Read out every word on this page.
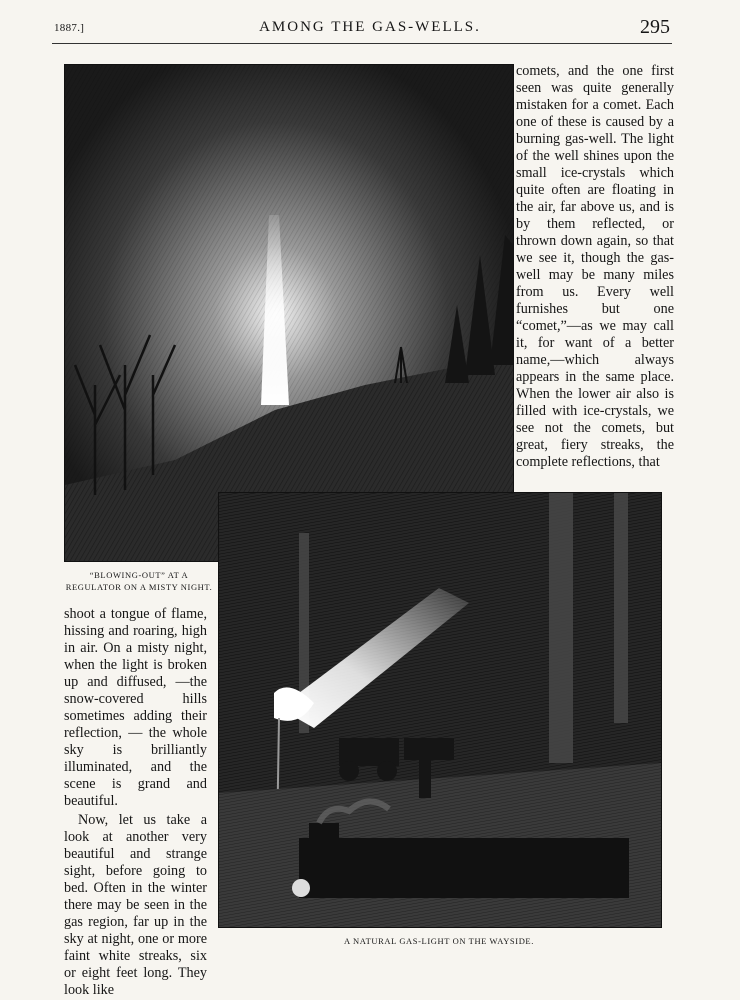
1887.]	AMONG THE GAS-WELLS.	295
“BLOWING-OUT” AT A REGULATOR ON A MISTY NIGHT.
A NATURAL GAS-LIGHT ON THE WAYSIDE.

comets, and the one first seen was quite generally mistaken for a comet. Each one of these is caused by a burning gas-well. The light of the well shines upon the small ice-crystals which quite often are floating in the air, far above us, and is by them reflected, or thrown down again, so that we see it, though the gas-well may be many miles from us. Every well furnishes but one “comet,”—as we may call it, for want of a better name,—which always appears in the same place. When the lower air also is filled with ice-crystals, we see not the comets, but great, fiery streaks, the complete reflections, that

shoot a tongue of flame, hissing and roaring, high in air. On a misty night, when the light is broken up and diffused, —the snow-covered hills sometimes adding their reflection, — the whole sky is brilliantly illuminated, and the scene is grand and beautiful.

Now, let us take a look at another very beautiful and strange sight, before going to bed. Often in the winter there may be seen in the gas region, far up in the sky at night, one or more faint white streaks, six or eight feet long. They look like
